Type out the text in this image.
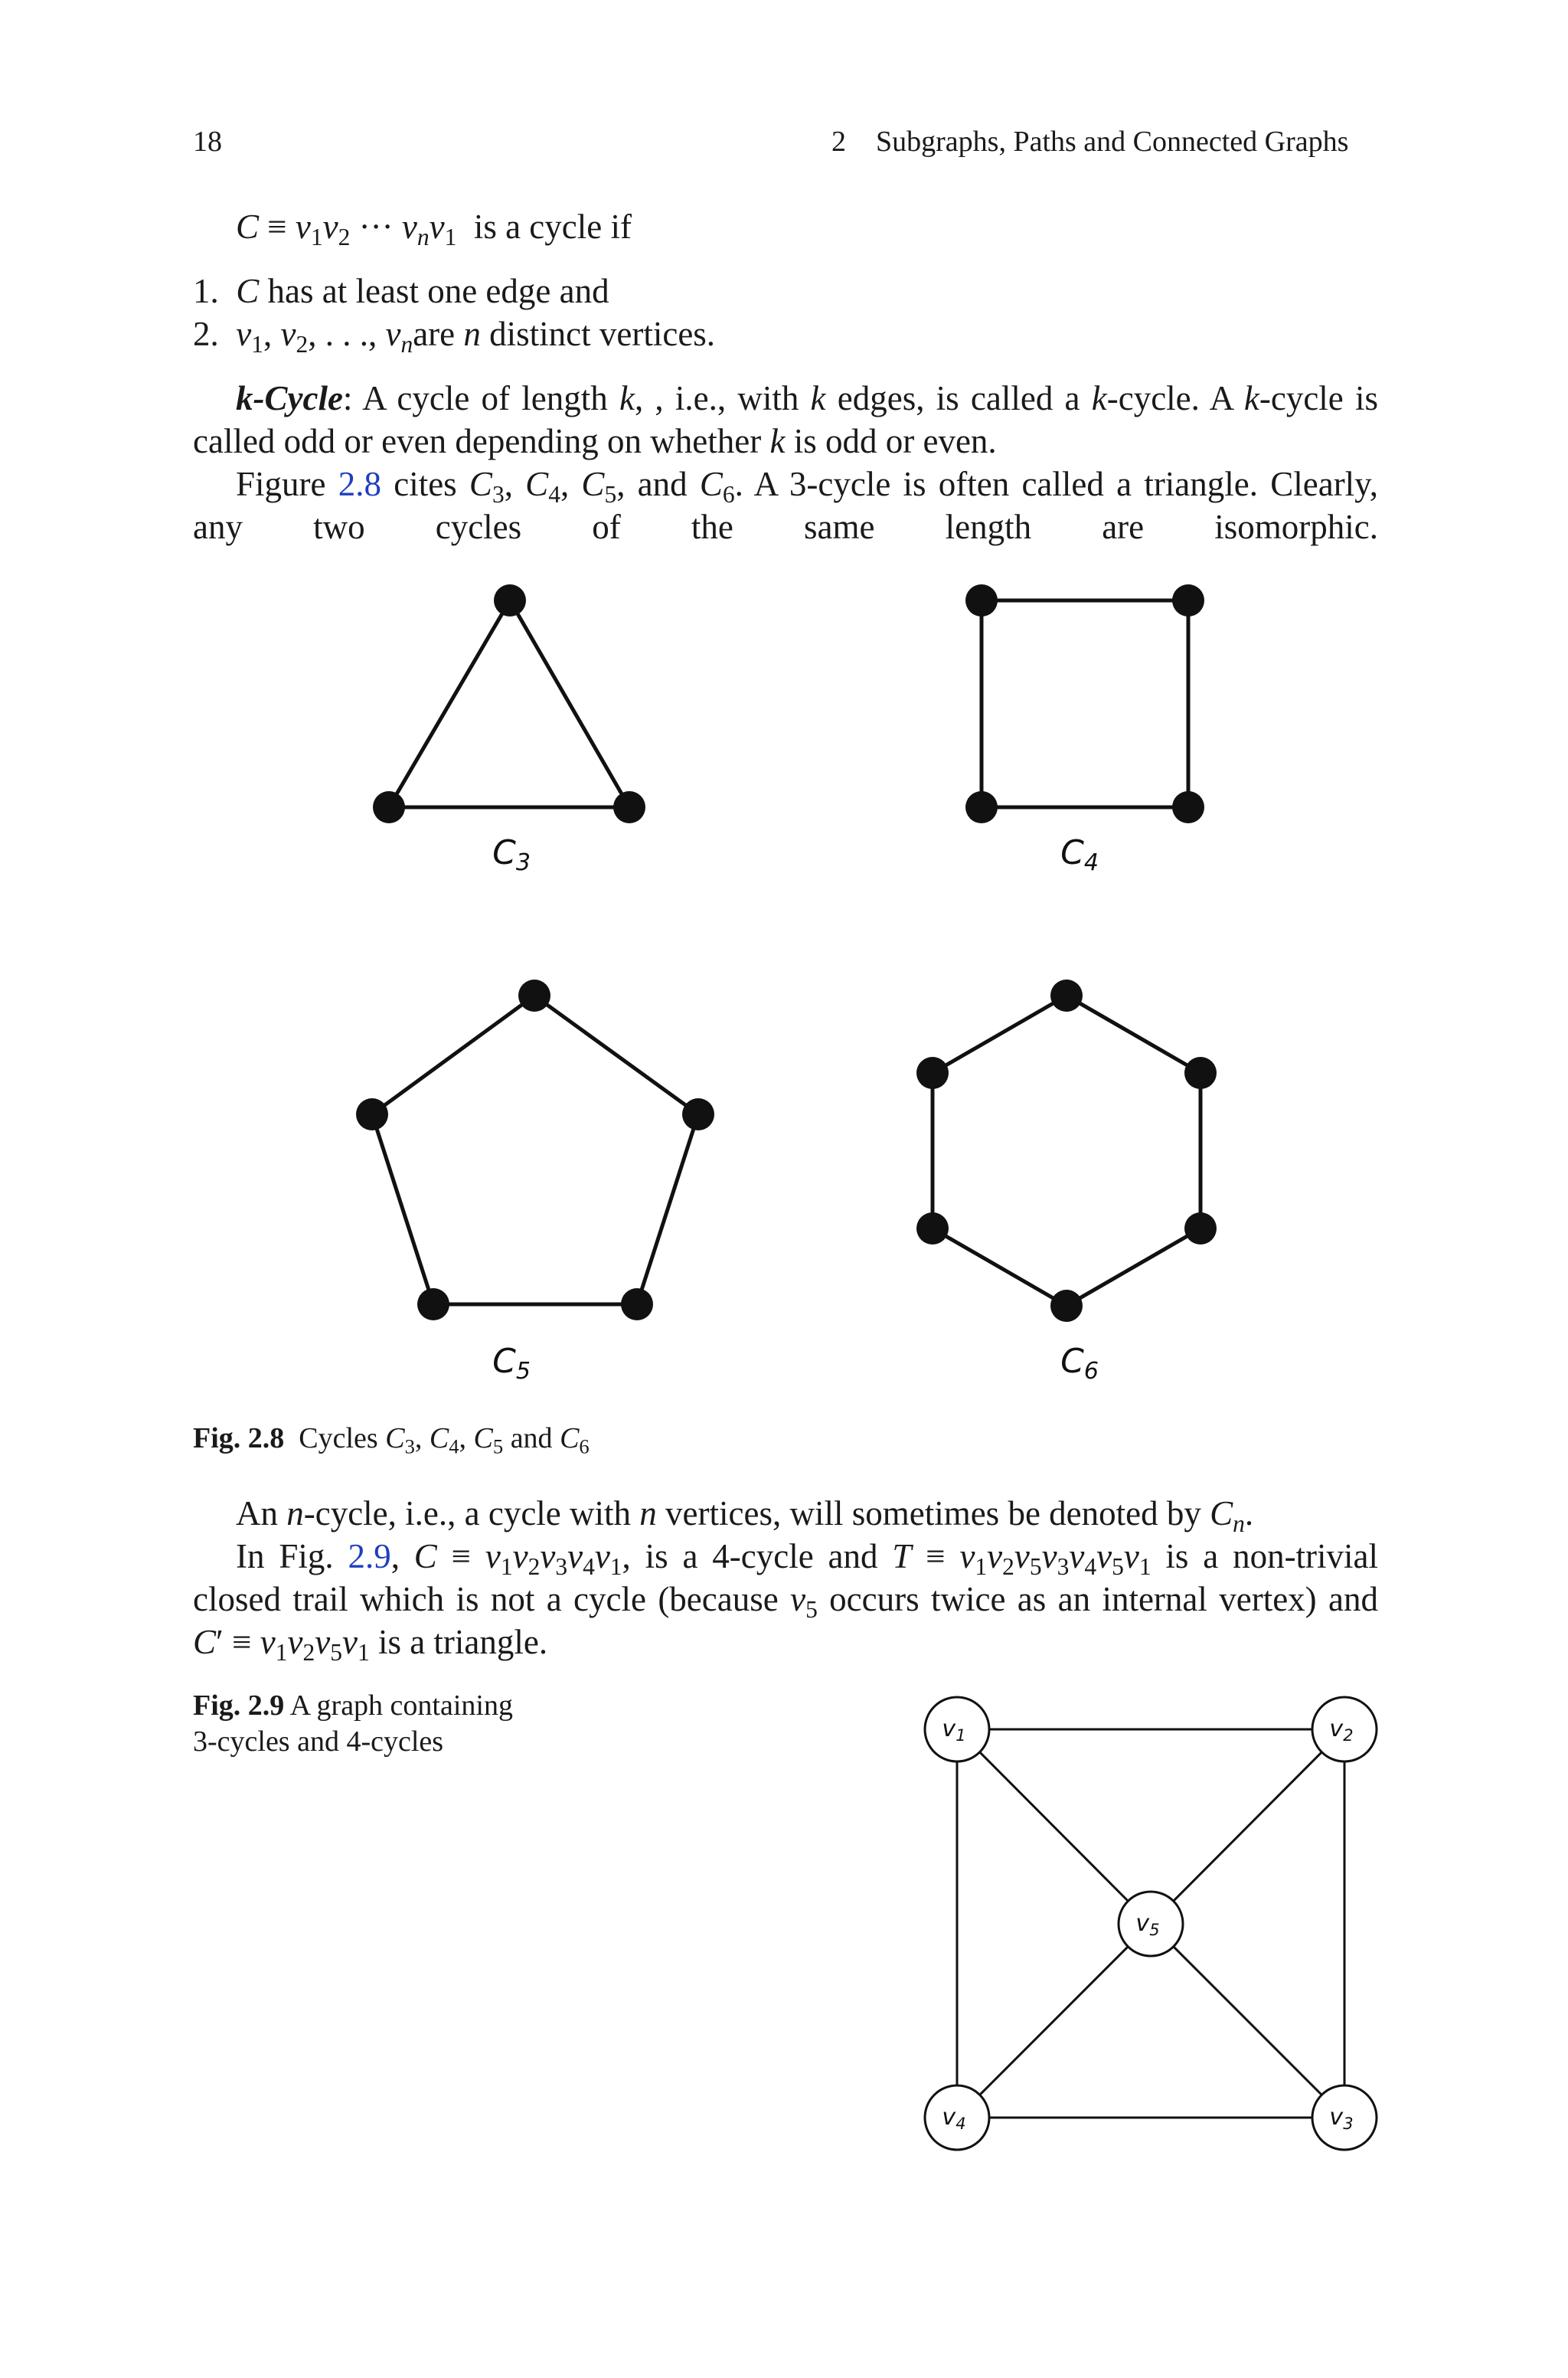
18	2 Subgraphs, Paths and Connected Graphs
$C \equiv v_1v_2$ ··· $v_nv_1$ is a cycle if
1.  C has at least one edge and
2. $v_1$, $v_2$, . . ., $v_nare$ n distinct vertices.
k-Cycle: A cycle of length k, , i.e., with k edges, is called a k-cycle. A k-cycle is
called odd or even depending on whether k is odd or even.
Figure 2.8 cites $C_3$, $C_4$, $C_5$, and $C_6$. A 3-cycle is often called a triangle. Clearly,
any two cycles of the same length are isomorphic.
C3	C4
C5	C6
Fig. 2.8  Cycles $C_3$, $C_4$, $C_5$ and $C_6$
An n-cycle, i.e., a cycle with n vertices, will sometimes be denoted by $C_n$.
In Fig. 2.9, $C \equiv v_1v_2v_3v_4v_1$, is a 4-cycle and $T \equiv v_1v_2v_5v_3v_4v_5v_1$ is a non-trivial
closed trail which is not a cycle (because $v_5$ occurs twice as an internal vertex) and
$C' \equiv v_1v_2v_5v_1$ is a triangle.
Fig. 2.9 A graph containing
3-cycles and 4-cycles	$v_1$	$v_2$
$v_5$
$v_4$	$v_3$
